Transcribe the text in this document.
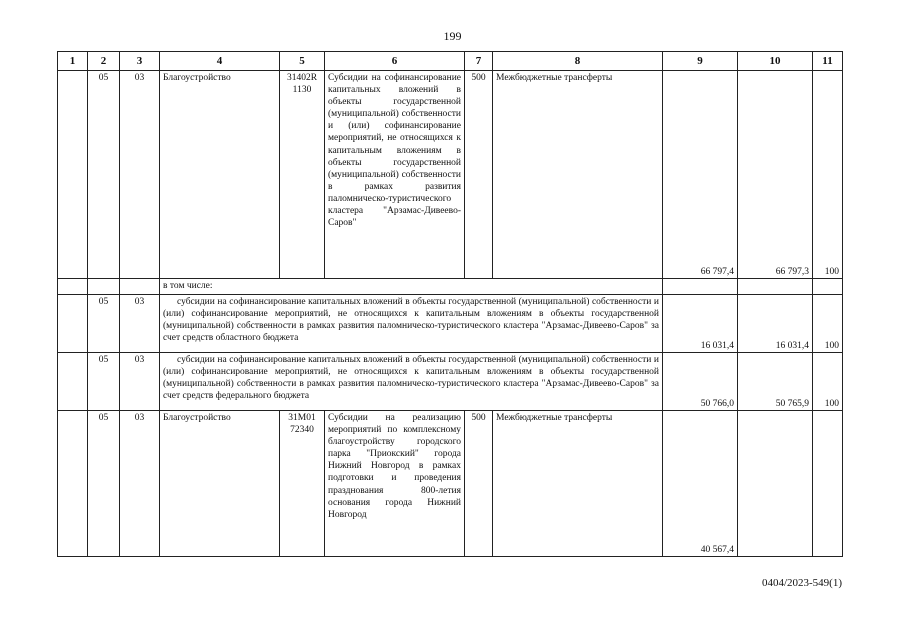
199
1	2	3	4	5	6	7	8	9	10	11
	05	03	Благоустройство	31402R 1130	Субсидии на софинансирование капитальных вложений в объекты государственной (муниципальной) собственности и (или) софинансирование мероприятий, не относящихся к капитальным вложениям в объекты государственной (муниципальной) собственности в рамках развития паломническо-туристического кластера "Арзамас-Дивеево-Саров"	500	Межбюджетные трансферты	66 797,4	66 797,3	100
			в том числе:							
	05	03	субсидии на софинансирование капитальных вложений в объекты государственной (муниципальной) собственности и (или) софинансирование мероприятий, не относящихся к капитальным вложениям в объекты государственной (муниципальной) собственности в рамках развития паломническо-туристического кластера "Арзамас-Дивеево-Саров" за счет средств областного бюджета					16 031,4	16 031,4	100
	05	03	субсидии на софинансирование капитальных вложений в объекты государственной (муниципальной) собственности и (или) софинансирование мероприятий, не относящихся к капитальным вложениям в объекты государственной (муниципальной) собственности в рамках развития паломническо-туристического кластера "Арзамас-Дивеево-Саров" за счет средств федерального бюджета					50 766,0	50 765,9	100
	05	03	Благоустройство	31M01 72340	Субсидии на реализацию мероприятий по комплексному благоустройству городского парка "Приокский" города Нижний Новгород в рамках подготовки и проведения празднования 800-летия основания города Нижний Новгород	500	Межбюджетные трансферты	40 567,4		
0404/2023-549(1)
